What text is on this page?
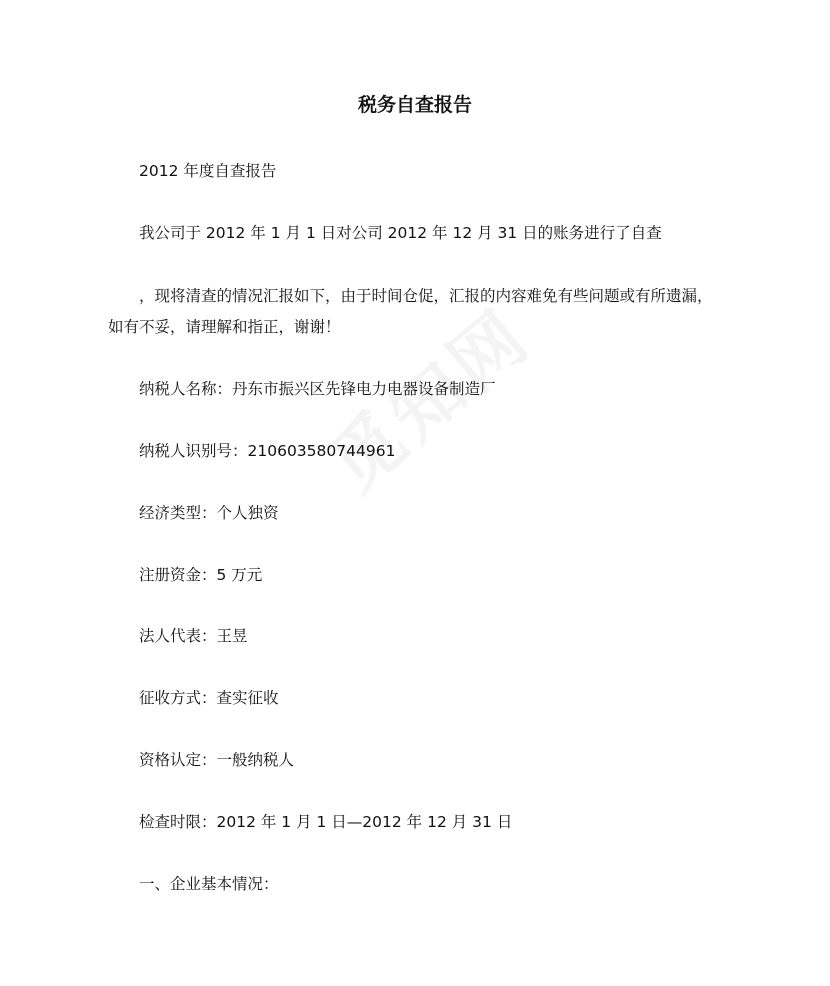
税务自查报告

2012 年度自查报告

我公司于 2012 年 1 月 1 日对公司 2012 年 12 月 31 日的账务进行了自查

，现将清查的情况汇报如下，由于时间仓促，汇报的内容难免有些问题或有所遗漏，如有不妥，请理解和指正，谢谢！

纳税人名称：丹东市振兴区先锋电力电器设备制造厂

纳税人识别号：210603580744961

经济类型：个人独资

注册资金：5 万元

法人代表：王昱

征收方式：查实征收

资格认定：一般纳税人

检查时限：2012 年 1 月 1 日—2012 年 12 月 31 日

一、企业基本情况：
